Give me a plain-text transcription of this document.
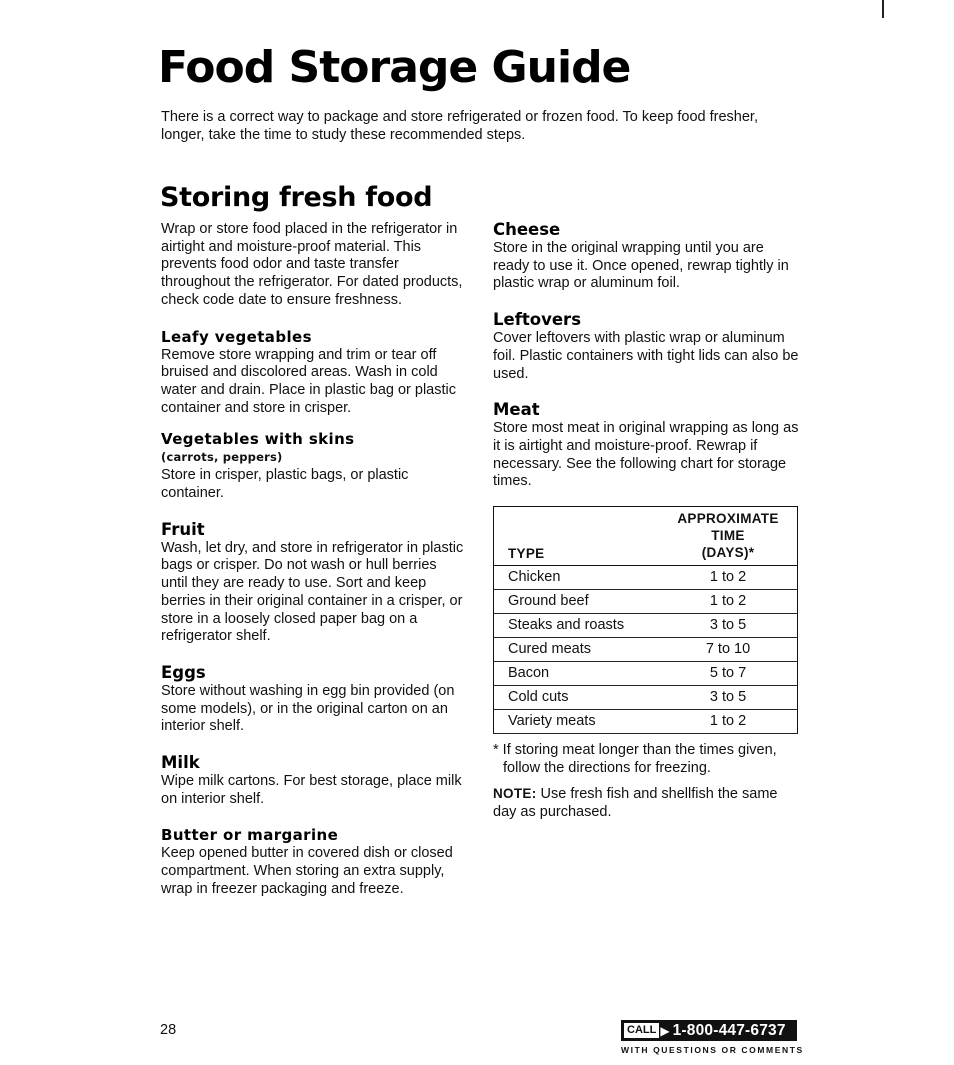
Food Storage Guide

There is a correct way to package and store refrigerated or frozen food. To keep food fresher, longer, take the time to study these recommended steps.

Storing fresh food

Wrap or store food placed in the refrigerator in airtight and moisture-proof material. This prevents food odor and taste transfer throughout the refrigerator. For dated products, check code date to ensure freshness.

Leafy vegetables

Remove store wrapping and trim or tear off bruised and discolored areas. Wash in cold water and drain. Place in plastic bag or plastic container and store in crisper.

Vegetables with skins
(carrots, peppers)

Store in crisper, plastic bags, or plastic container.

Fruit

Wash, let dry, and store in refrigerator in plastic bags or crisper. Do not wash or hull berries until they are ready to use. Sort and keep berries in their original container in a crisper, or store in a loosely closed paper bag on a refrigerator shelf.

Eggs

Store without washing in egg bin provided (on some models), or in the original carton on an interior shelf.

Milk

Wipe milk cartons. For best storage, place milk on interior shelf.

Butter or margarine

Keep opened butter in covered dish or closed compartment. When storing an extra supply, wrap in freezer packaging and freeze.

Cheese

Store in the original wrapping until you are ready to use it. Once opened, rewrap tightly in plastic wrap or aluminum foil.

Leftovers

Cover leftovers with plastic wrap or aluminum foil. Plastic containers with tight lids can also be used.

Meat

Store most meat in original wrapping as long as it is airtight and moisture-proof. Rewrap if necessary. See the following chart for storage times.

TYPE	APPROXIMATE TIME
(DAYS)*
Chicken	1 to 2
Ground beef	1 to 2
Steaks and roasts	3 to 5
Cured meats	7 to 10
Bacon	5 to 7
Cold cuts	3 to 5
Variety meats	1 to 2

* If storing meat longer than the times given, follow the directions for freezing.

NOTE: Use fresh fish and shellfish the same day as purchased.

28	CALL ▶ 1-800-447-6737
WITH QUESTIONS OR COMMENTS
